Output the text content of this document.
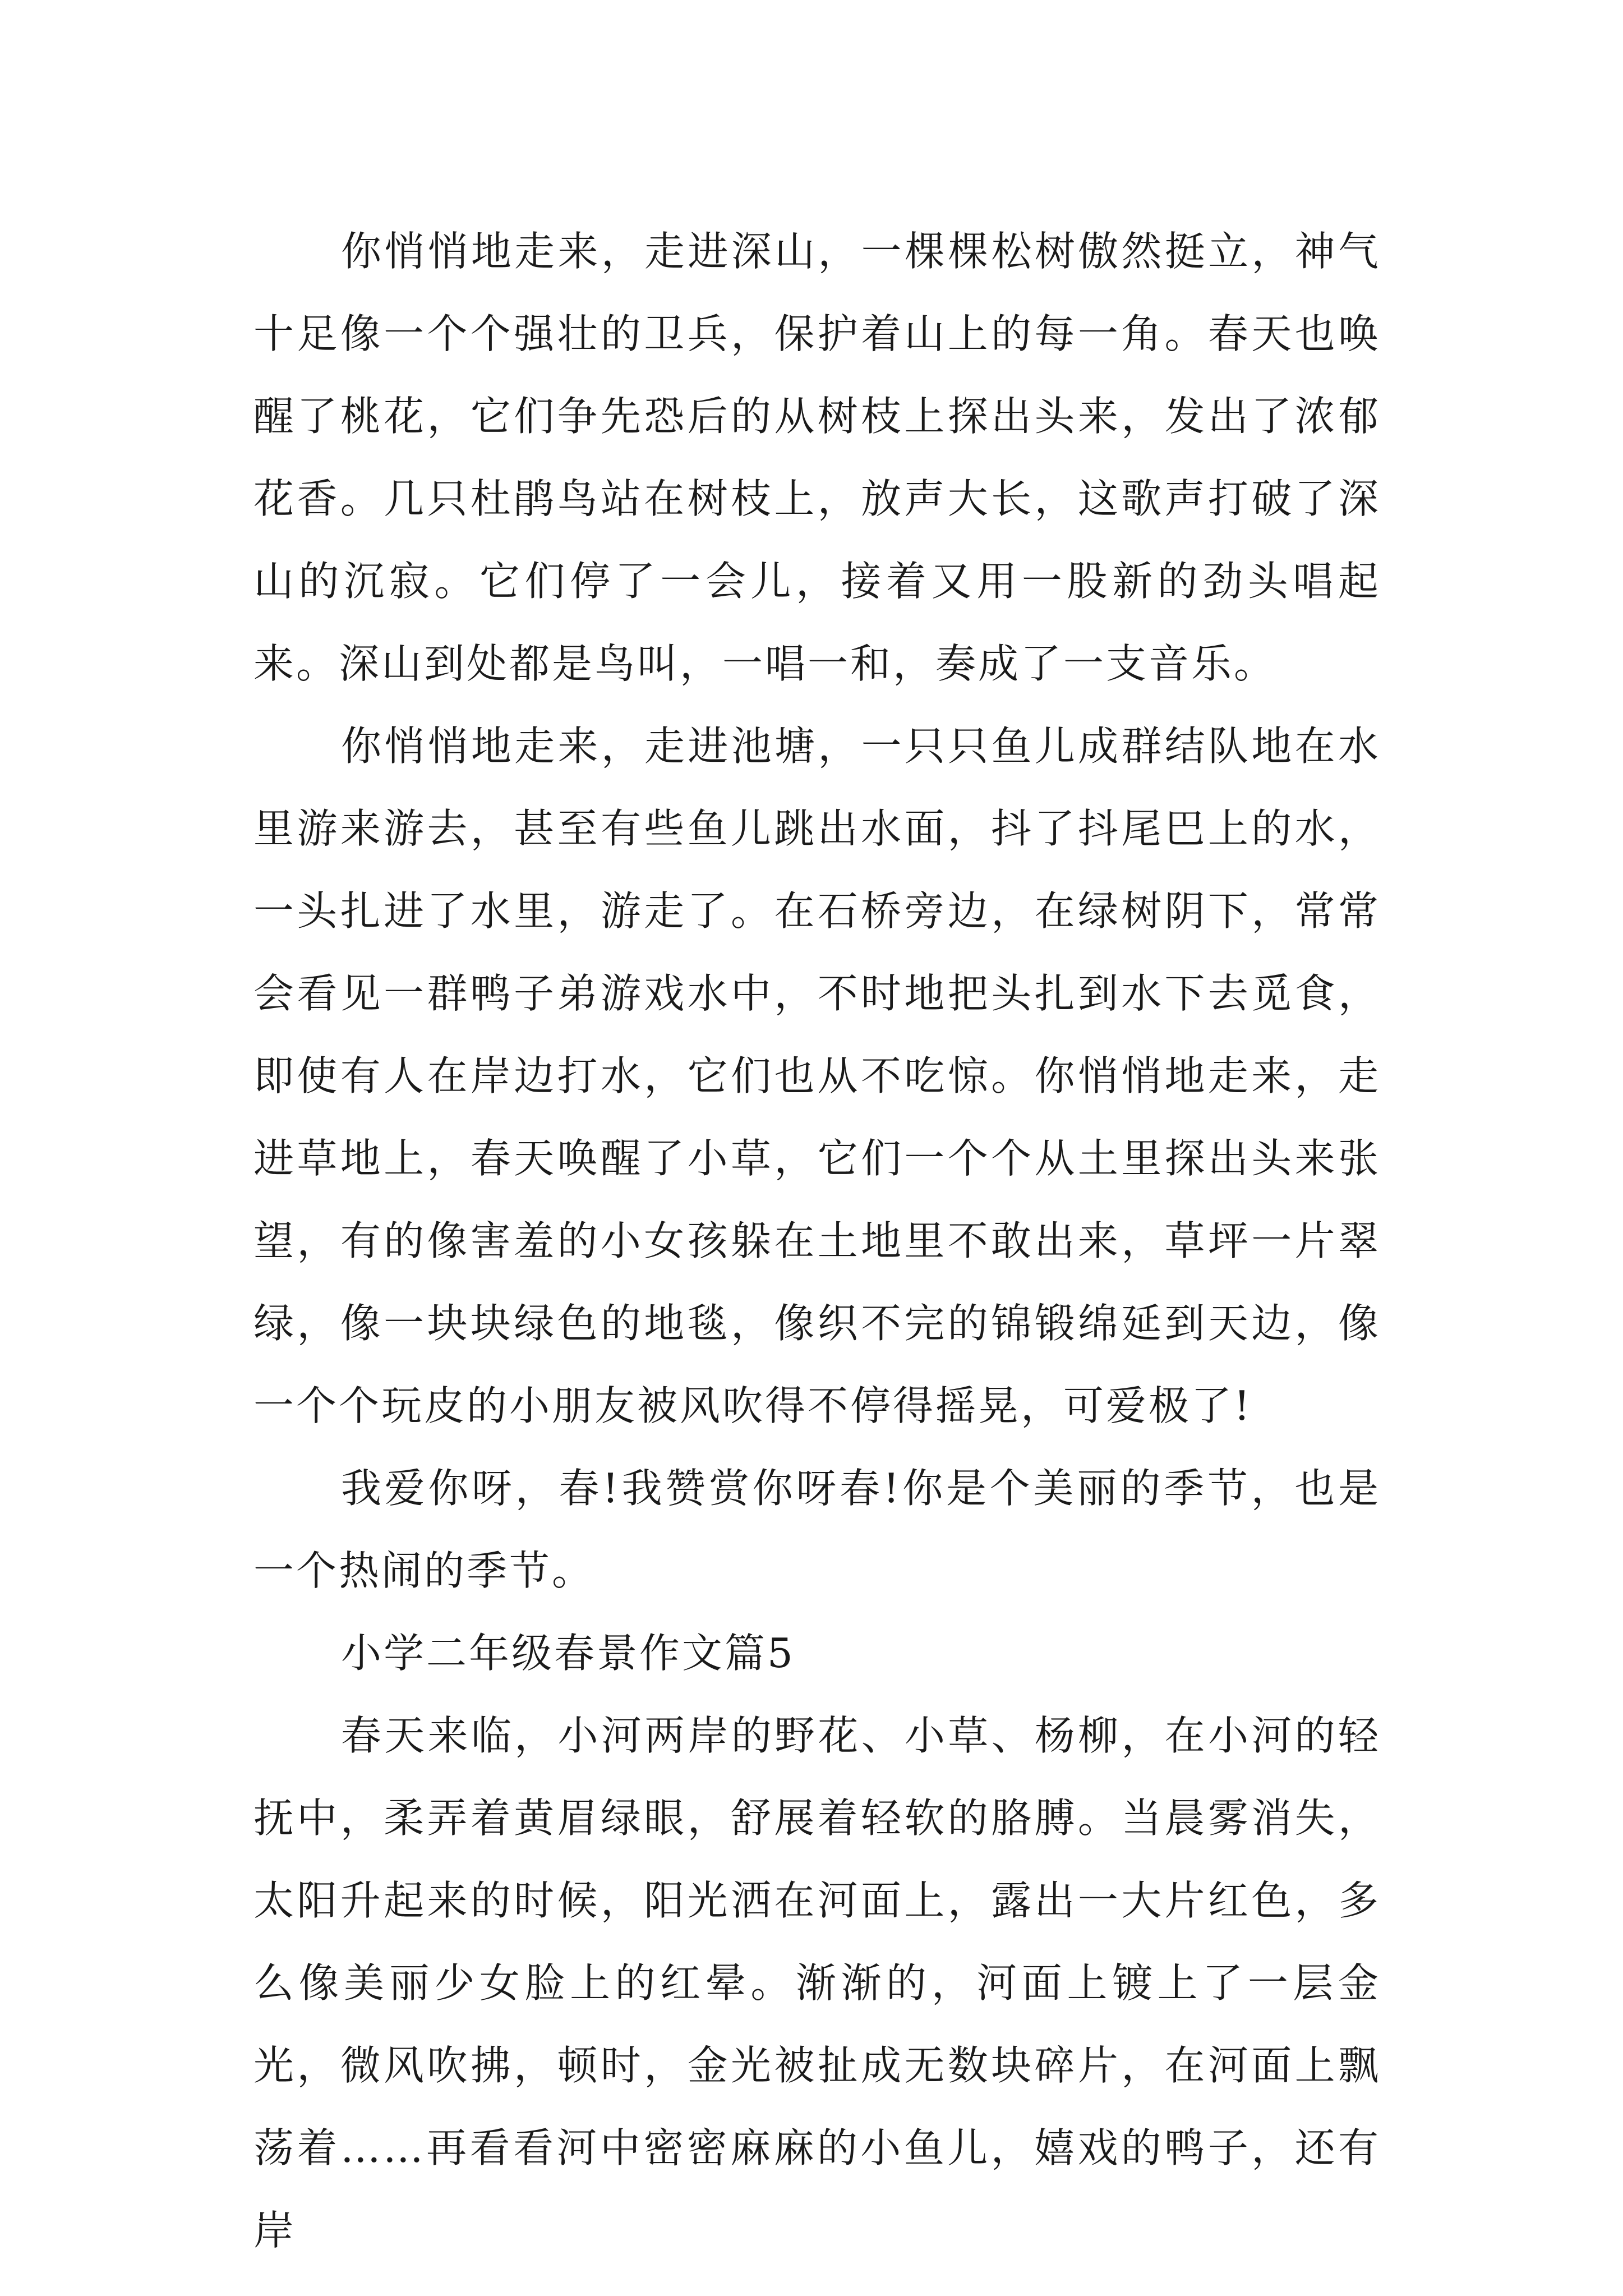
你悄悄地走来，走进深山，一棵棵松树傲然挺立，神气十足像一个个强壮的卫兵，保护着山上的每一角。春天也唤醒了桃花，它们争先恐后的从树枝上探出头来，发出了浓郁花香。几只杜鹃鸟站在树枝上，放声大长，这歌声打破了深山的沉寂。它们停了一会儿，接着又用一股新的劲头唱起来。深山到处都是鸟叫，一唱一和，奏成了一支音乐。

你悄悄地走来，走进池塘，一只只鱼儿成群结队地在水里游来游去，甚至有些鱼儿跳出水面，抖了抖尾巴上的水，一头扎进了水里，游走了。在石桥旁边，在绿树阴下，常常会看见一群鸭子弟游戏水中，不时地把头扎到水下去觅食，即使有人在岸边打水，它们也从不吃惊。你悄悄地走来，走进草地上，春天唤醒了小草，它们一个个从土里探出头来张望，有的像害羞的小女孩躲在土地里不敢出来，草坪一片翠绿，像一块块绿色的地毯，像织不完的锦锻绵延到天边，像一个个玩皮的小朋友被风吹得不停得摇晃，可爱极了!

我爱你呀，春!我赞赏你呀春!你是个美丽的季节，也是一个热闹的季节。

小学二年级春景作文篇5

春天来临，小河两岸的野花、小草、杨柳，在小河的轻抚中，柔弄着黄眉绿眼，舒展着轻软的胳膊。当晨雾消失，太阳升起来的时候，阳光洒在河面上，露出一大片红色，多么像美丽少女脸上的红晕。渐渐的，河面上镀上了一层金光，微风吹拂，顿时，金光被扯成无数块碎片，在河面上飘荡着……再看看河中密密麻麻的小鱼儿，嬉戏的鸭子，还有岸
